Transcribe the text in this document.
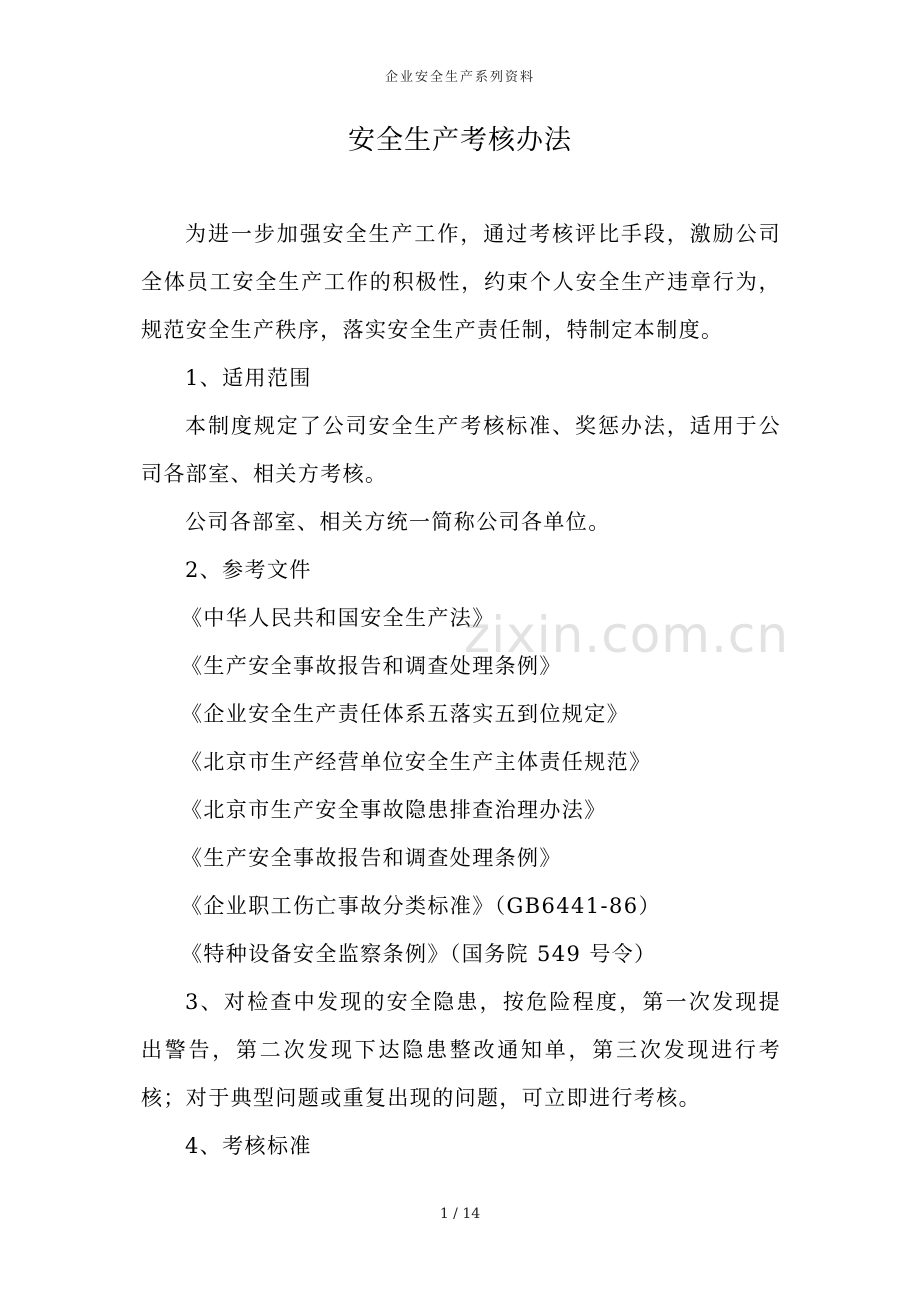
企业安全生产系列资料
安全生产考核办法

为进一步加强安全生产工作，通过考核评比手段，激励公司全体员工安全生产工作的积极性，约束个人安全生产违章行为，规范安全生产秩序，落实安全生产责任制，特制定本制度。

1、适用范围

本制度规定了公司安全生产考核标准、奖惩办法，适用于公司各部室、相关方考核。

公司各部室、相关方统一简称公司各单位。

2、参考文件

《中华人民共和国安全生产法》

《生产安全事故报告和调查处理条例》

《企业安全生产责任体系五落实五到位规定》

《北京市生产经营单位安全生产主体责任规范》

《北京市生产安全事故隐患排查治理办法》

《生产安全事故报告和调查处理条例》

《企业职工伤亡事故分类标准》（GB6441-86）

《特种设备安全监察条例》（国务院 549 号令）

3、对检查中发现的安全隐患，按危险程度，第一次发现提出警告，第二次发现下达隐患整改通知单，第三次发现进行考核；对于典型问题或重复出现的问题，可立即进行考核。

4、考核标准

zixin.com.cn
1 / 14
